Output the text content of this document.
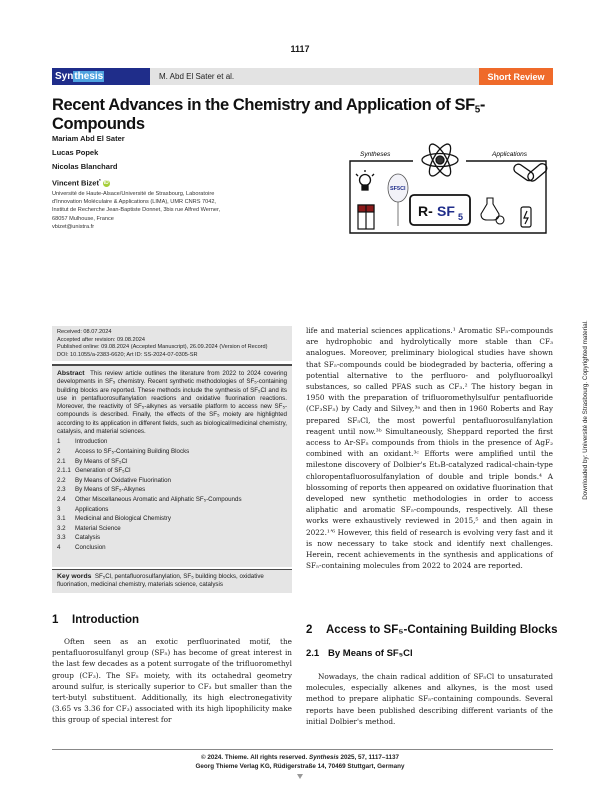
1117
Syn thesis	M. Abd El Sater et al.	Short Review
Recent Advances in the Chemistry and Application of $SF_5$-Compounds
Mariam Abd El Sater
Lucas Popek
Nicolas Blanchard
Vincent Bizet* iD
Université de Haute-Alsace/Université de Strasbourg, Laboratoire
d'Innovation Moléculaire & Applications (LIMA), UMR CNRS 7042,
Institut de Recherche Jean-Baptiste Donnet, 3bis rue Alfred Werner,
68057 Mulhouse, France
vbizet@unistra.fr
Syntheses	Applications
SF5Cl
R- SF 5
Received: 08.07.2024
Accepted after revision: 09.08.2024
Published online: 09.08.2024 (Accepted Manuscript), 26.09.2024 (Version of Record)
DOI: 10.1055/a-2383-6620; Art ID: SS-2024-07-0305-SR
Abstract This review article outlines the literature from 2022 to 2024 covering developments in SF₅ chemistry. Recent synthetic methodologies of SF₅-containing building blocks are reported. These methods include the synthesis of SF₅Cl and its use in pentafluorosulfanylation reactions and oxidative fluorination reactions. Moreover, the reactivity of SF₅-alkynes as versatile platform to access new SF₅-compounds is described. Finally, the effects of the SF₅ moiety are highlighted according to its application in different fields, such as biological/medicinal chemistry, catalysis, and material sciences.
1	Introduction
2	Access to SF₅-Containing Building Blocks
2.1	By Means of SF₅Cl
2.1.1 Generation of SF₅Cl
2.2	By Means of Oxidative Fluorination
2.3	By Means of SF₅-Alkynes
2.4	Other Miscellaneous Aromatic and Aliphatic SF₅-Compounds
3	Applications
3.1	Medicinal and Biological Chemistry
3.2	Material Science
3.3	Catalysis
4	Conclusion
Key words SF₅Cl, pentafluorosulfanylation, SF₅ building blocks, oxidative fluorination, medicinal chemistry, materials science, catalysis
1 Introduction
Often seen as an exotic perfluorinated motif, the pentafluorosulfanyl group (SF₅) has become of great interest in the last few decades as a potent surrogate of the trifluoromethyl group (CF₃). The SF₅ moiety, with its octahedral geometry around sulfur, is sterically superior to CF₃ but smaller than the tert-butyl substituent. Additionally, its high electronegativity (3.65 vs 3.36 for CF₃) associated with its high lipophilicity make this group of special interest for
life and material sciences applications.¹ Aromatic SF₅-compounds are hydrophobic and hydrolytically more stable than CF₃ analogues. Moreover, preliminary biological studies have shown that SF₅-compounds could be biodegraded by bacteria, offering a potential alternative to the perfluoro- and polyfluoroalkyl substances, so called PFAS such as CF₃.² The history began in 1950 with the preparation of trifluoromethylsulfur pentafluoride (CF₃SF₅) by Cady and Silvey,³ᵃ and then in 1960 Roberts and Ray prepared SF₅Cl, the most powerful pentafluorosulfanylation reagent until now.³ᵇ Simultaneously, Sheppard reported the first access to Ar-SF₅ compounds from thiols in the presence of AgF₂ combined with an oxidant.³ᶜ Efforts were amplified until the milestone discovery of Dolbier's Et₃B-catalyzed radical-chain-type chloropentafluorosulfanylation of double and triple bonds.⁴ A blossoming of reports then appeared on oxidative fluorination that developed new synthetic methodologies in order to access aliphatic and aromatic SF₅-compounds, respectively. All these works were exhaustively reviewed in 2015,⁵ and then again in 2022.¹ʼ⁶ However, this field of research is evolving very fast and it is now necessary to take stock and identify next challenges. Herein, recent achievements in the synthesis and applications of SF₅-containing molecules from 2022 to 2024 are reported.
2 Access to SF₅-Containing Building Blocks
2.1 By Means of SF₅Cl
Nowadays, the chain radical addition of SF₅Cl to unsaturated molecules, especially alkenes and alkynes, is the most used method to prepare aliphatic SF₅-containing compounds. Several reports have been published describing different variants of the initial Dolbier's method.
© 2024. Thieme. All rights reserved. Synthesis 2025, 57, 1117–1137
Georg Thieme Verlag KG, Rüdigerstraße 14, 70469 Stuttgart, Germany
Downloaded by: Université de Strasbourg. Copyrighted material.
